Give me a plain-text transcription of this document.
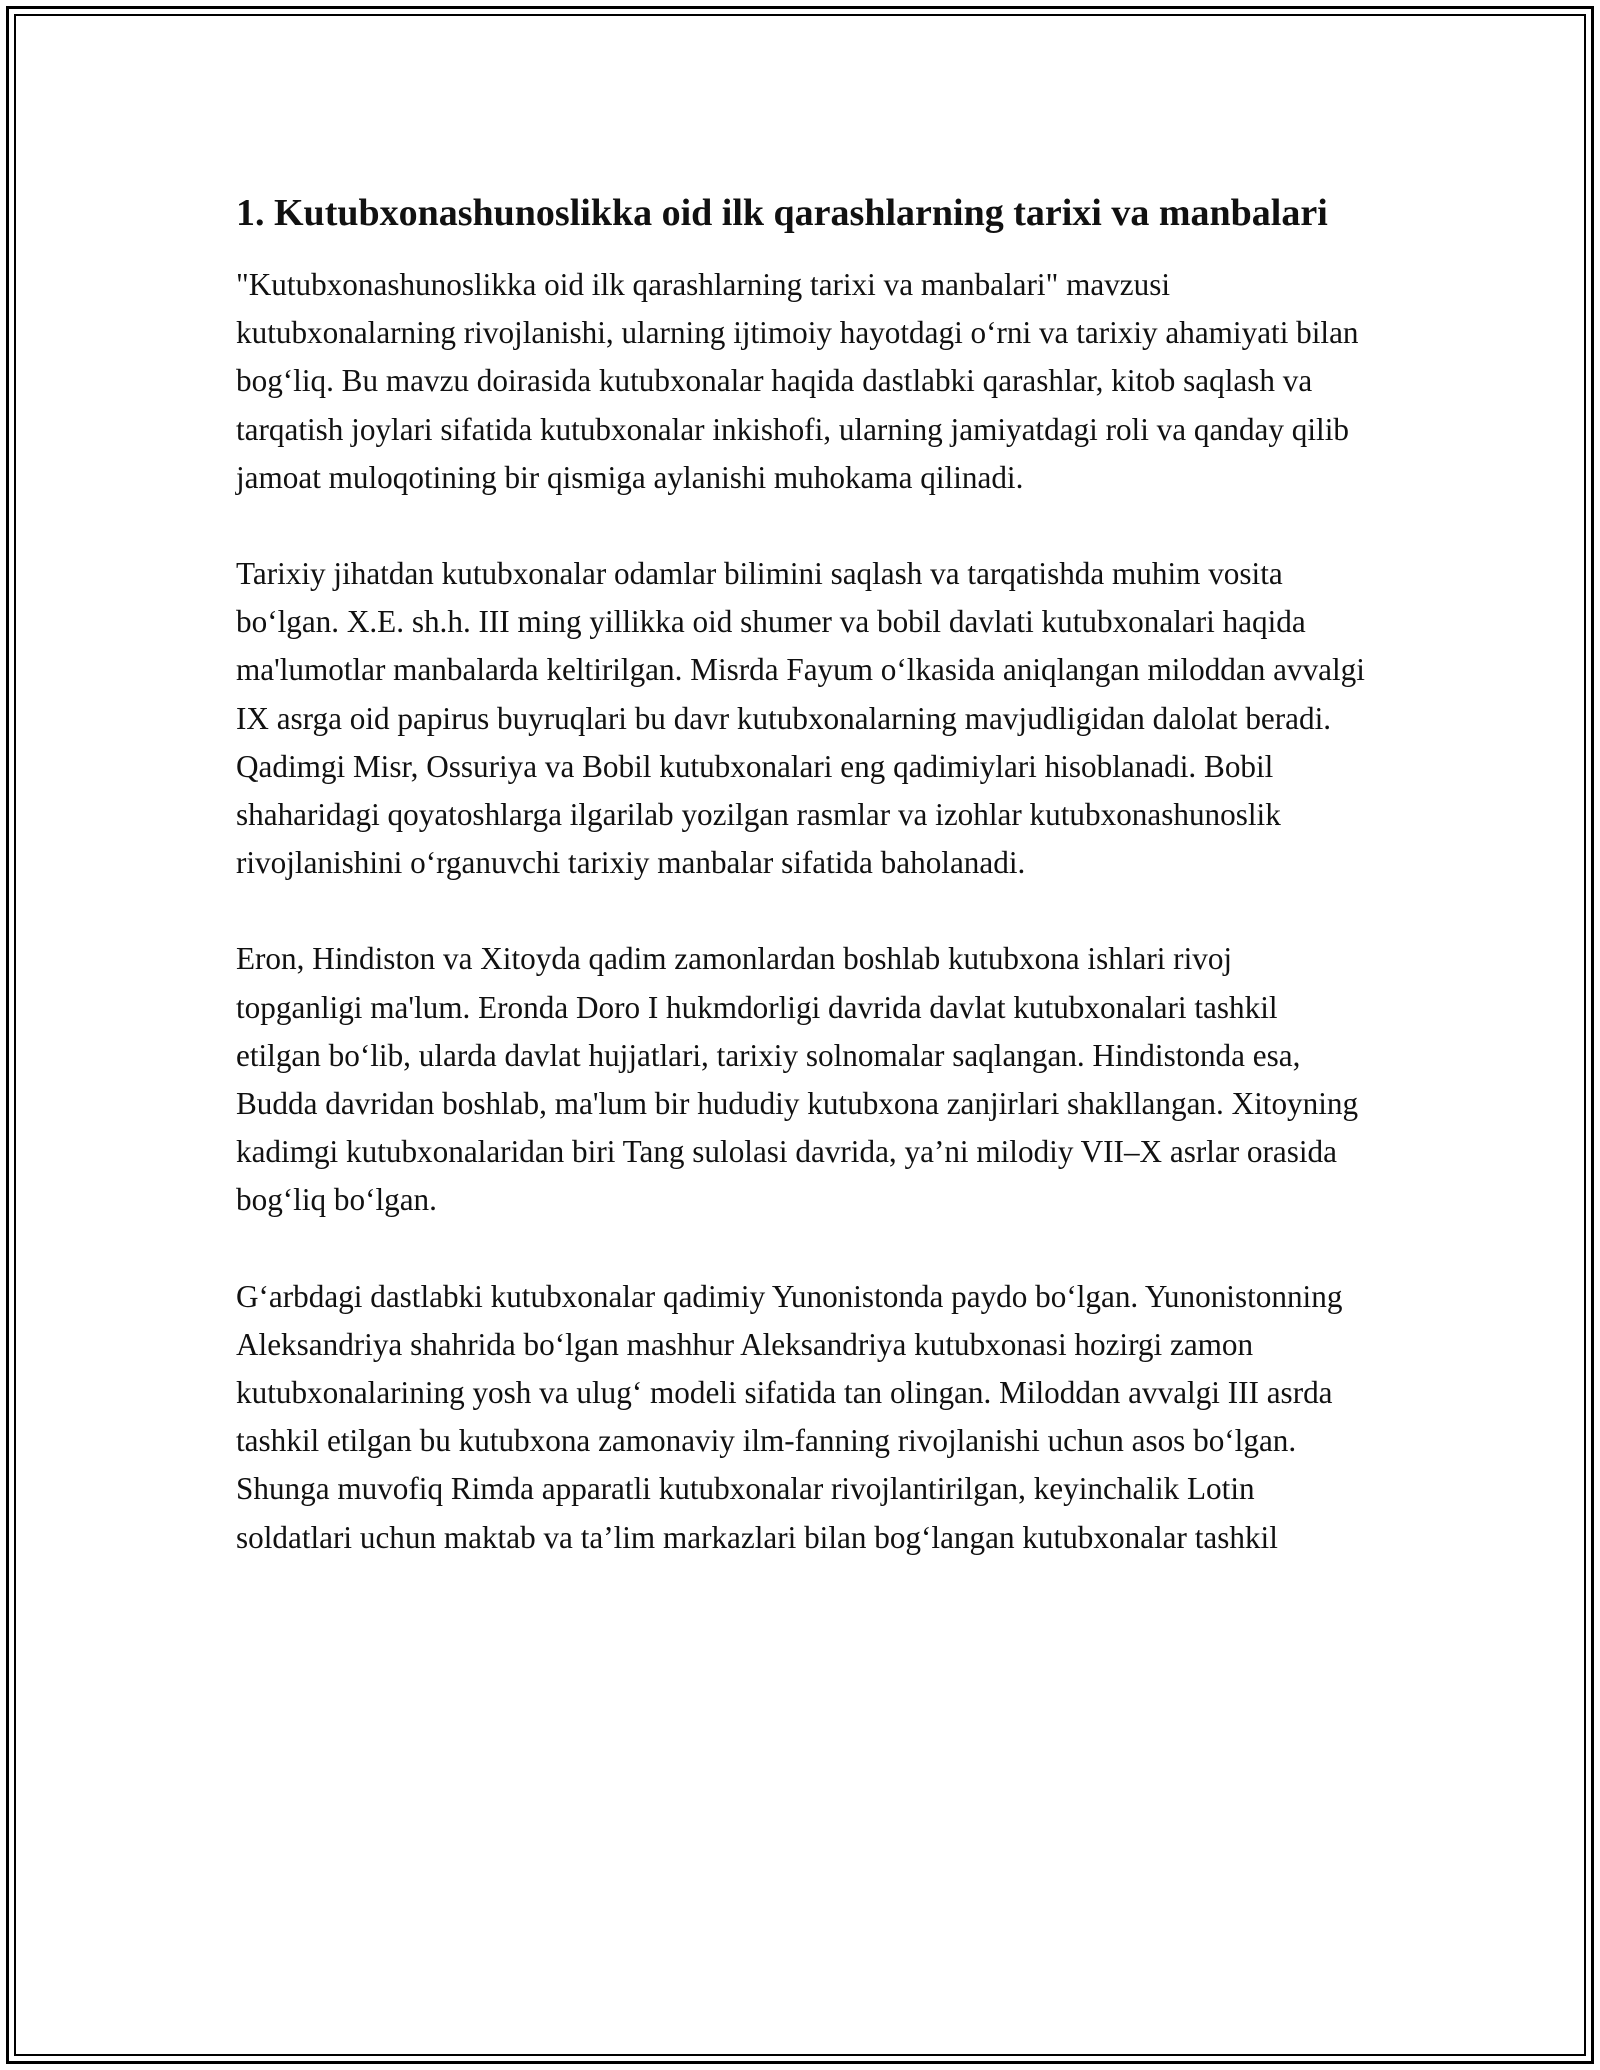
1. Kutubxonashunoslikka oid ilk qarashlarning tarixi va manbalari

"Kutubxonashunoslikka oid ilk qarashlarning tarixi va manbalari" mavzusi kutubxonalarning rivojlanishi, ularning ijtimoiy hayotdagi o‘rni va tarixiy ahamiyati bilan bog‘liq. Bu mavzu doirasida kutubxonalar haqida dastlabki qarashlar, kitob saqlash va tarqatish joylari sifatida kutubxonalar inkishofi, ularning jamiyatdagi roli va qanday qilib jamoat muloqotining bir qismiga aylanishi muhokama qilinadi.

Tarixiy jihatdan kutubxonalar odamlar bilimini saqlash va tarqatishda muhim vosita bo‘lgan. X.E. sh.h. III ming yillikka oid shumer va bobil davlati kutubxonalari haqida ma'lumotlar manbalarda keltirilgan. Misrda Fayum o‘lkasida aniqlangan miloddan avvalgi IX asrga oid papirus buyruqlari bu davr kutubxonalarning mavjudligidan dalolat beradi. Qadimgi Misr, Ossuriya va Bobil kutubxonalari eng qadimiylari hisoblanadi. Bobil shaharidagi qoyatoshlarga ilgarilab yozilgan rasmlar va izohlar kutubxonashunoslik rivojlanishini o‘rganuvchi tarixiy manbalar sifatida baholanadi.

Eron, Hindiston va Xitoyda qadim zamonlardan boshlab kutubxona ishlari rivoj topganligi ma'lum. Eronda Doro I hukmdorligi davrida davlat kutubxonalari tashkil etilgan bo‘lib, ularda davlat hujjatlari, tarixiy solnomalar saqlangan. Hindistonda esa, Budda davridan boshlab, ma'lum bir hududiy kutubxona zanjirlari shakllangan. Xitoyning kadimgi kutubxonalaridan biri Tang sulolasi davrida, ya’ni milodiy VII–X asrlar orasida bog‘liq bo‘lgan.

G‘arbdagi dastlabki kutubxonalar qadimiy Yunonistonda paydo bo‘lgan. Yunonistonning Aleksandriya shahrida bo‘lgan mashhur Aleksandriya kutubxonasi hozirgi zamon kutubxonalarining yosh va ulug‘ modeli sifatida tan olingan. Miloddan avvalgi III asrda tashkil etilgan bu kutubxona zamonaviy ilm-fanning rivojlanishi uchun asos bo‘lgan. Shunga muvofiq Rimda apparatli kutubxonalar rivojlantirilgan, keyinchalik Lotin soldatlari uchun maktab va ta’lim markazlari bilan bog‘langan kutubxonalar tashkil
